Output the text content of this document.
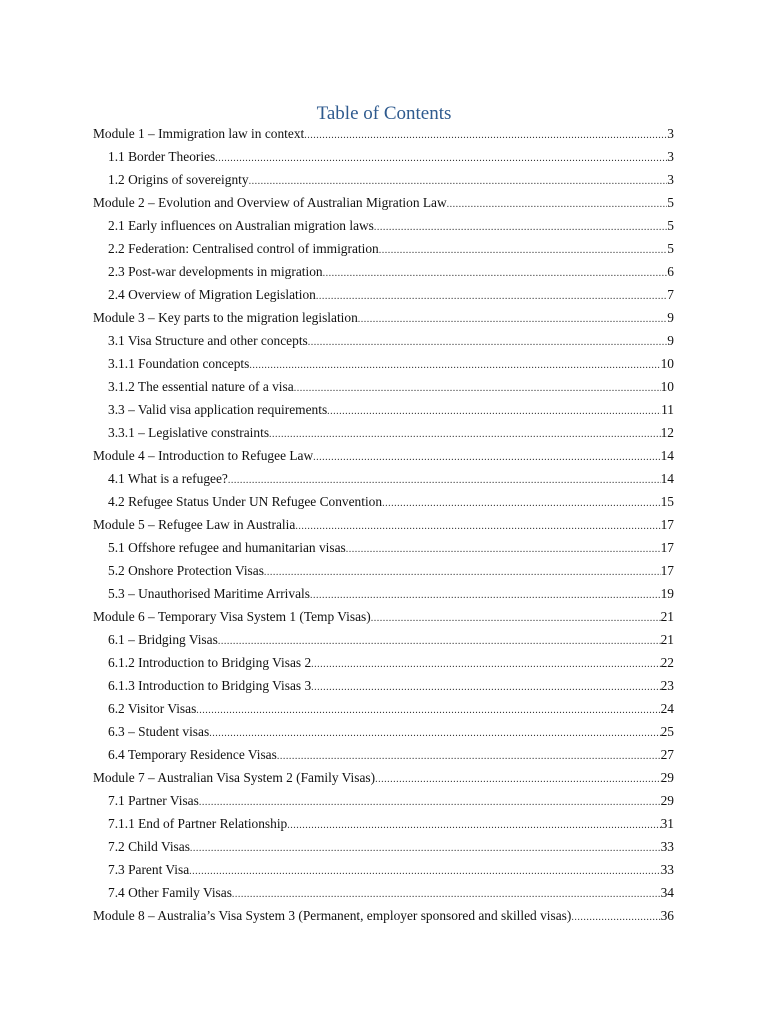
Table of Contents
Module 1 – Immigration law in context .....	3
1.1 Border Theories .....	3
1.2 Origins of sovereignty .....	3
Module 2 – Evolution and Overview of Australian Migration Law .....	5
2.1 Early influences on Australian migration laws .....	5
2.2 Federation: Centralised control of immigration .....	5
2.3 Post-war developments in migration .....	6
2.4 Overview of Migration Legislation .....	7
Module 3 – Key parts to the migration legislation .....	9
3.1 Visa Structure and other concepts .....	9
3.1.1 Foundation concepts .....	10
3.1.2 The essential nature of a visa .....	10
3.3 – Valid visa application requirements .....	11
3.3.1 – Legislative constraints .....	12
Module 4 – Introduction to Refugee Law .....	14
4.1 What is a refugee? .....	14
4.2 Refugee Status Under UN Refugee Convention .....	15
Module 5 – Refugee Law in Australia .....	17
5.1 Offshore refugee and humanitarian visas .....	17
5.2 Onshore Protection Visas .....	17
5.3 – Unauthorised Maritime Arrivals .....	19
Module 6 – Temporary Visa System 1 (Temp Visas) .....	21
6.1 – Bridging Visas .....	21
6.1.2 Introduction to Bridging Visas 2 .....	22
6.1.3 Introduction to Bridging Visas 3 .....	23
6.2 Visitor Visas .....	24
6.3 – Student visas .....	25
6.4 Temporary Residence Visas .....	27
Module 7 – Australian Visa System 2 (Family Visas) .....	29
7.1 Partner Visas .....	29
7.1.1 End of Partner Relationship .....	31
7.2 Child Visas .....	33
7.3 Parent Visa .....	33
7.4 Other Family Visas .....	34
Module 8 – Australia’s Visa System 3 (Permanent, employer sponsored and skilled visas) .....	36
